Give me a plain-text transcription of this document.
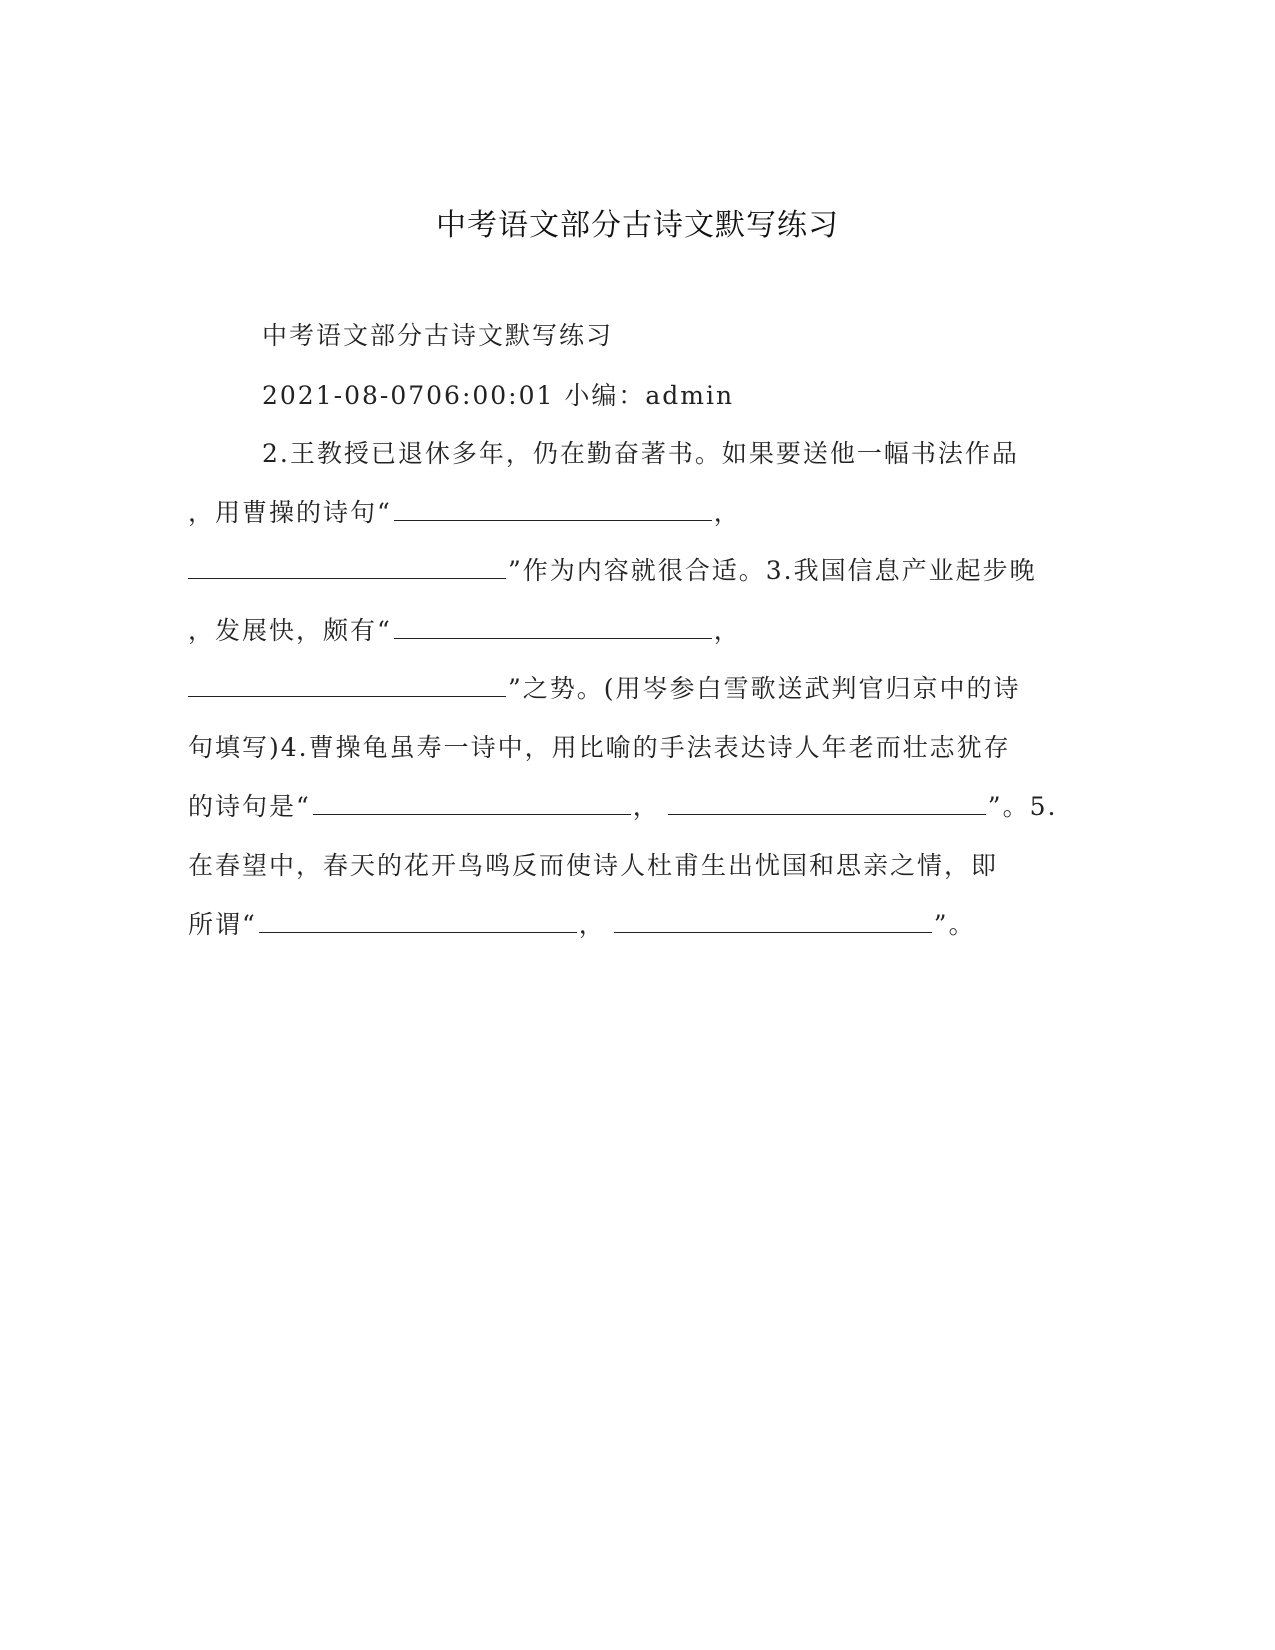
中考语文部分古诗文默写练习
中考语文部分古诗文默写练习
2021-08-0706:00:01 小编：admin
2.王教授已退休多年，仍在勤奋著书。如果要送他一幅书法作品
，用曹操的诗句“	，
”作为内容就很合适。3.我国信息产业起步晚
，发展快，颇有“	，
”之势。(用岑参白雪歌送武判官归京中的诗
句填写)4.曹操龟虽寿一诗中，用比喻的手法表达诗人年老而壮志犹存
的诗句是“	，	”。5.
在春望中，春天的花开鸟鸣反而使诗人杜甫生出忧国和思亲之情，即
所谓“	，	”。
